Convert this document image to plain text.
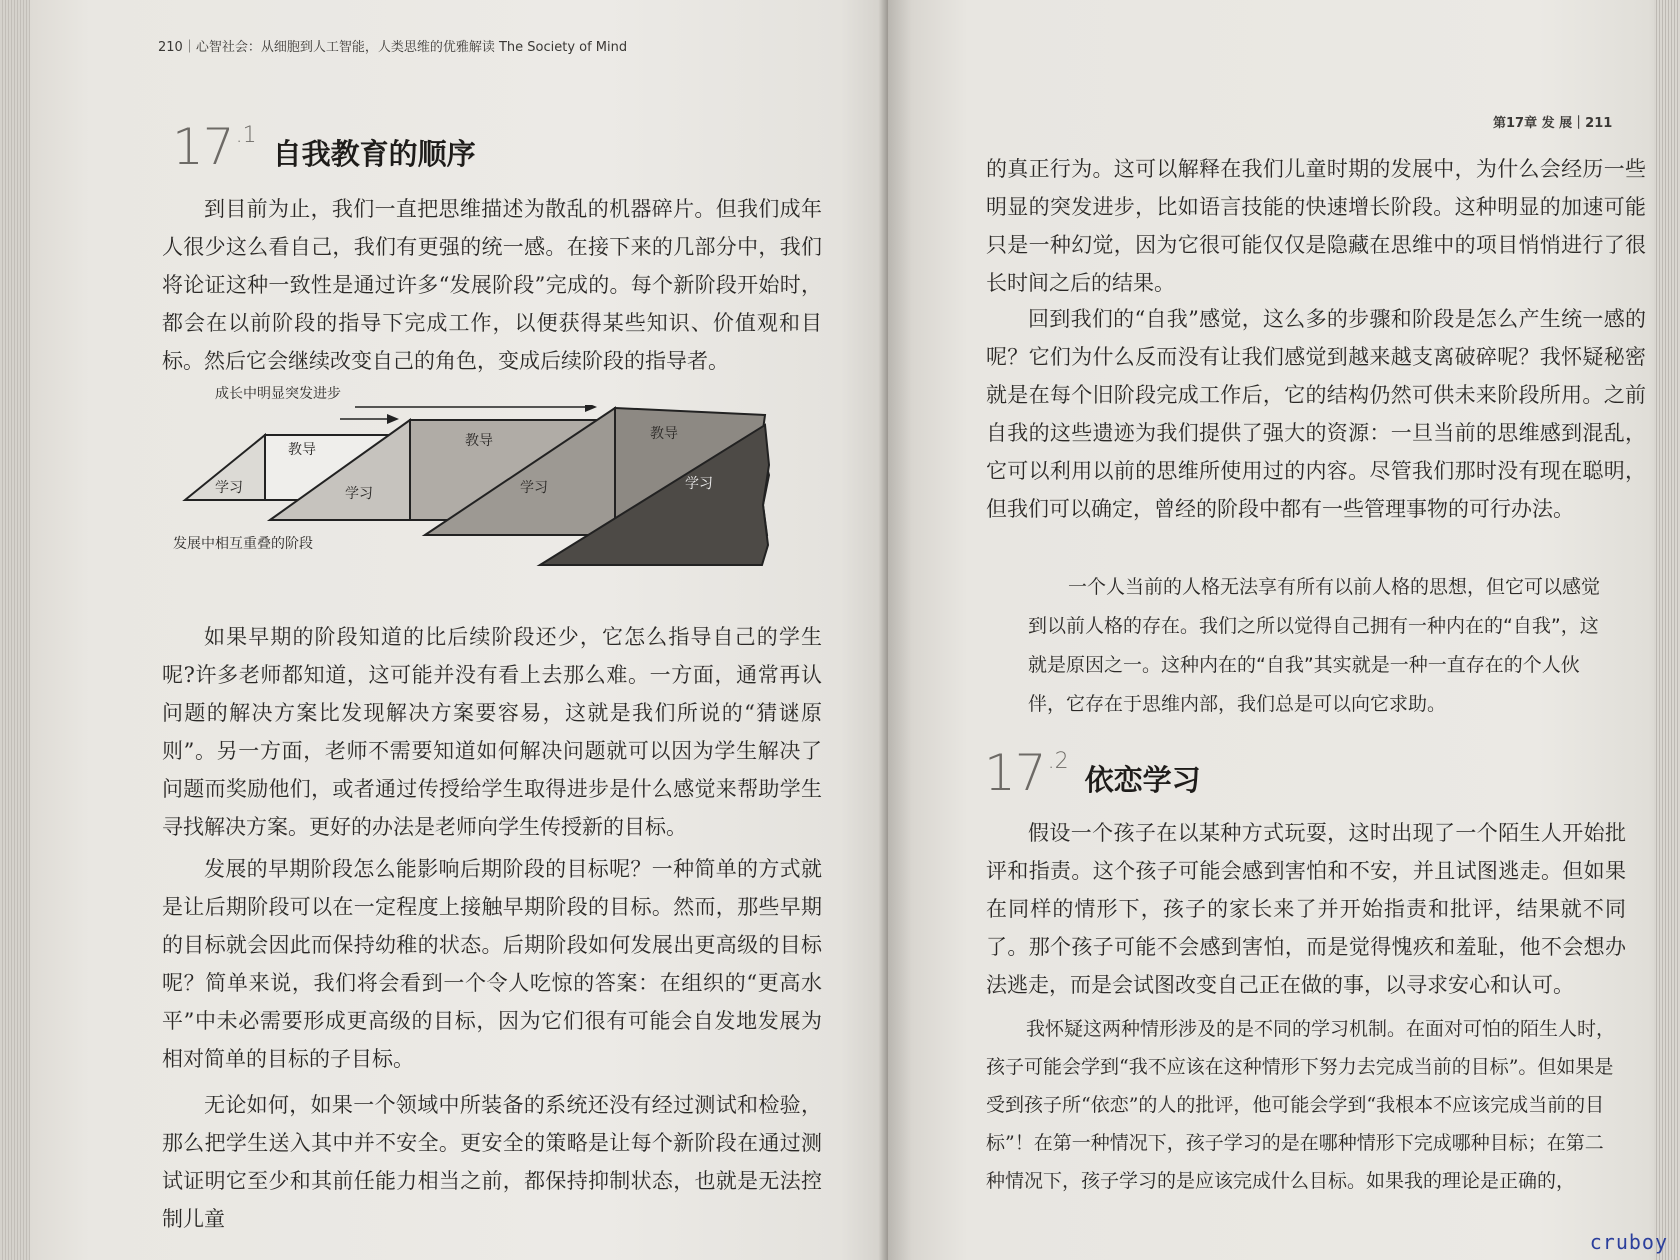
210｜心智社会：从细胞到人工智能，人类思维的优雅解读 The Society of Mind
17 .1
自我教育的顺序

到目前为止，我们一直把思维描述为散乱的机器碎片。但我们成年人很少这么看自己，我们有更强的统一感。在接下来的几部分中，我们将论证这种一致性是通过许多“发展阶段”完成的。每个新阶段开始时，都会在以前阶段的指导下完成工作，以便获得某些知识、价值观和目标。然后它会继续改变自己的角色，变成后续阶段的指导者。

成长中明显突发进步
教导
学习
教导
学习
教导
学习	学习
发展中相互重叠的阶段

如果早期的阶段知道的比后续阶段还少，它怎么指导自己的学生呢?许多老师都知道，这可能并没有看上去那么难。一方面，通常再认问题的解决方案比发现解决方案要容易，这就是我们所说的“猜谜原则”。另一方面，老师不需要知道如何解决问题就可以因为学生解决了问题而奖励他们，或者通过传授给学生取得进步是什么感觉来帮助学生寻找解决方案。更好的办法是老师向学生传授新的目标。

发展的早期阶段怎么能影响后期阶段的目标呢？一种简单的方式就是让后期阶段可以在一定程度上接触早期阶段的目标。然而，那些早期的目标就会因此而保持幼稚的状态。后期阶段如何发展出更高级的目标呢？简单来说，我们将会看到一个令人吃惊的答案：在组织的“更高水平”中未必需要形成更高级的目标，因为它们很有可能会自发地发展为相对简单的目标的子目标。

无论如何，如果一个领域中所装备的系统还没有经过测试和检验，那么把学生送入其中并不安全。更安全的策略是让每个新阶段在通过测试证明它至少和其前任能力相当之前，都保持抑制状态，也就是无法控制儿童

第17章 发 展｜211

的真正行为。这可以解释在我们儿童时期的发展中，为什么会经历一些明显的突发进步，比如语言技能的快速增长阶段。这种明显的加速可能只是一种幻觉，因为它很可能仅仅是隐藏在思维中的项目悄悄进行了很长时间之后的结果。

回到我们的“自我”感觉，这么多的步骤和阶段是怎么产生统一感的呢？它们为什么反而没有让我们感觉到越来越支离破碎呢？我怀疑秘密就是在每个旧阶段完成工作后，它的结构仍然可供未来阶段所用。之前自我的这些遗迹为我们提供了强大的资源：一旦当前的思维感到混乱，它可以利用以前的思维所使用过的内容。尽管我们那时没有现在聪明，但我们可以确定，曾经的阶段中都有一些管理事物的可行办法。

一个人当前的人格无法享有所有以前人格的思想，但它可以感觉到以前人格的存在。我们之所以觉得自己拥有一种内在的“自我”，这就是原因之一。这种内在的“自我”其实就是一种一直存在的个人伙伴，它存在于思维内部，我们总是可以向它求助。

17 .2
依恋学习

假设一个孩子在以某种方式玩耍，这时出现了一个陌生人开始批评和指责。这个孩子可能会感到害怕和不安，并且试图逃走。但如果在同样的情形下，孩子的家长来了并开始指责和批评，结果就不同了。那个孩子可能不会感到害怕，而是觉得愧疚和羞耻，他不会想办法逃走，而是会试图改变自己正在做的事，以寻求安心和认可。

我怀疑这两种情形涉及的是不同的学习机制。在面对可怕的陌生人时，孩子可能会学到“我不应该在这种情形下努力去完成当前的目标”。但如果是受到孩子所“依恋”的人的批评，他可能会学到“我根本不应该完成当前的目标”！在第一种情况下，孩子学习的是在哪种情形下完成哪种目标；在第二种情况下，孩子学习的是应该完成什么目标。如果我的理论是正确的，

cruboy
